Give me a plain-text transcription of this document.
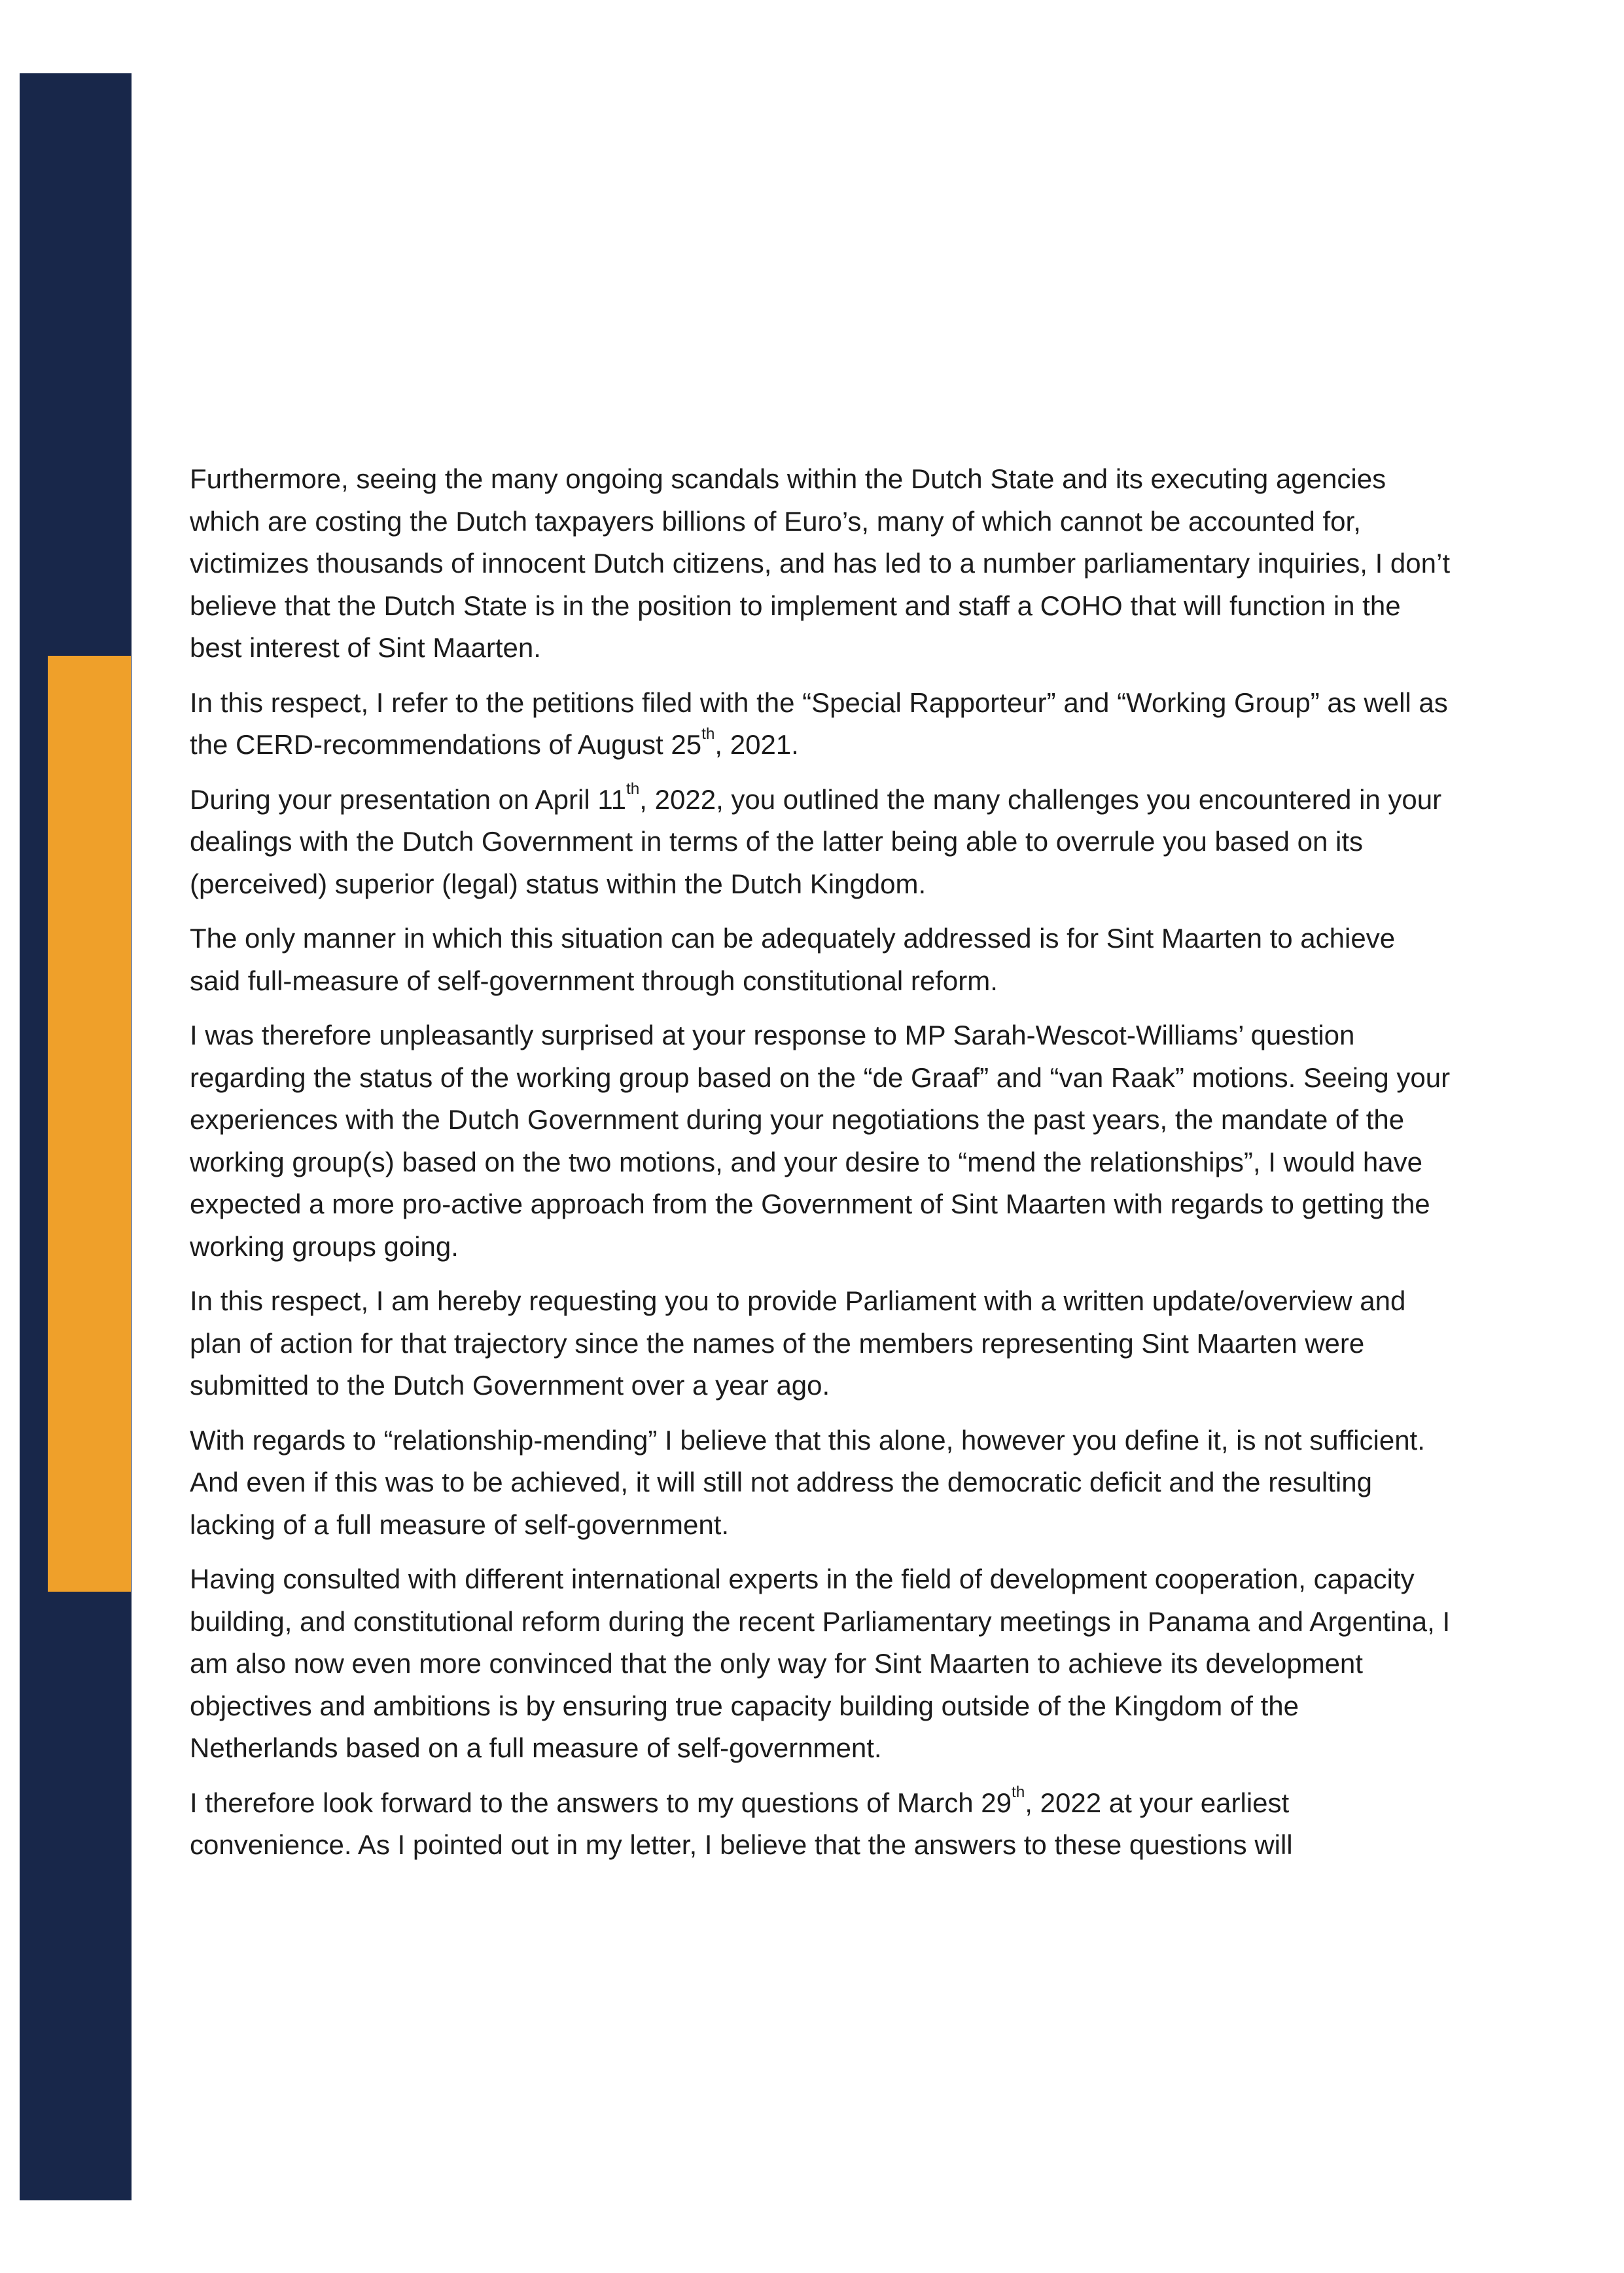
Furthermore, seeing the many ongoing scandals within the Dutch State and its executing agencies which are costing the Dutch taxpayers billions of Euro’s, many of which cannot be accounted for, victimizes thousands of innocent Dutch citizens, and has led to a number parliamentary inquiries, I don’t believe that the Dutch State is in the position to implement and staff a COHO that will function in the best interest of Sint Maarten.

In this respect, I refer to the petitions filed with the “Special Rapporteur” and “Working Group” as well as the CERD-recommendations of August 25th, 2021.

During your presentation on April 11th, 2022, you outlined the many challenges you encountered in your dealings with the Dutch Government in terms of the latter being able to overrule you based on its (perceived) superior (legal) status within the Dutch Kingdom.

The only manner in which this situation can be adequately addressed is for Sint Maarten to achieve said full-measure of self-government through constitutional reform.

I was therefore unpleasantly surprised at your response to MP Sarah-Wescot-Williams’ question regarding the status of the working group based on the “de Graaf” and “van Raak” motions. Seeing your experiences with the Dutch Government during your negotiations the past years, the mandate of the working group(s) based on the two motions, and your desire to “mend the relationships”, I would have expected a more pro-active approach from the Government of Sint Maarten with regards to getting the working groups going.

In this respect, I am hereby requesting you to provide Parliament with a written update/overview and plan of action for that trajectory since the names of the members representing Sint Maarten were submitted to the Dutch Government over a year ago.

With regards to “relationship-mending” I believe that this alone, however you define it, is not sufficient. And even if this was to be achieved, it will still not address the democratic deficit and the resulting lacking of a full measure of self-government.

Having consulted with different international experts in the field of development cooperation, capacity building, and constitutional reform during the recent Parliamentary meetings in Panama and Argentina, I am also now even more convinced that the only way for Sint Maarten to achieve its development objectives and ambitions is by ensuring true capacity building outside of the Kingdom of the Netherlands based on a full measure of self-government.

I therefore look forward to the answers to my questions of March 29th, 2022 at your earliest convenience. As I pointed out in my letter, I believe that the answers to these questions will
